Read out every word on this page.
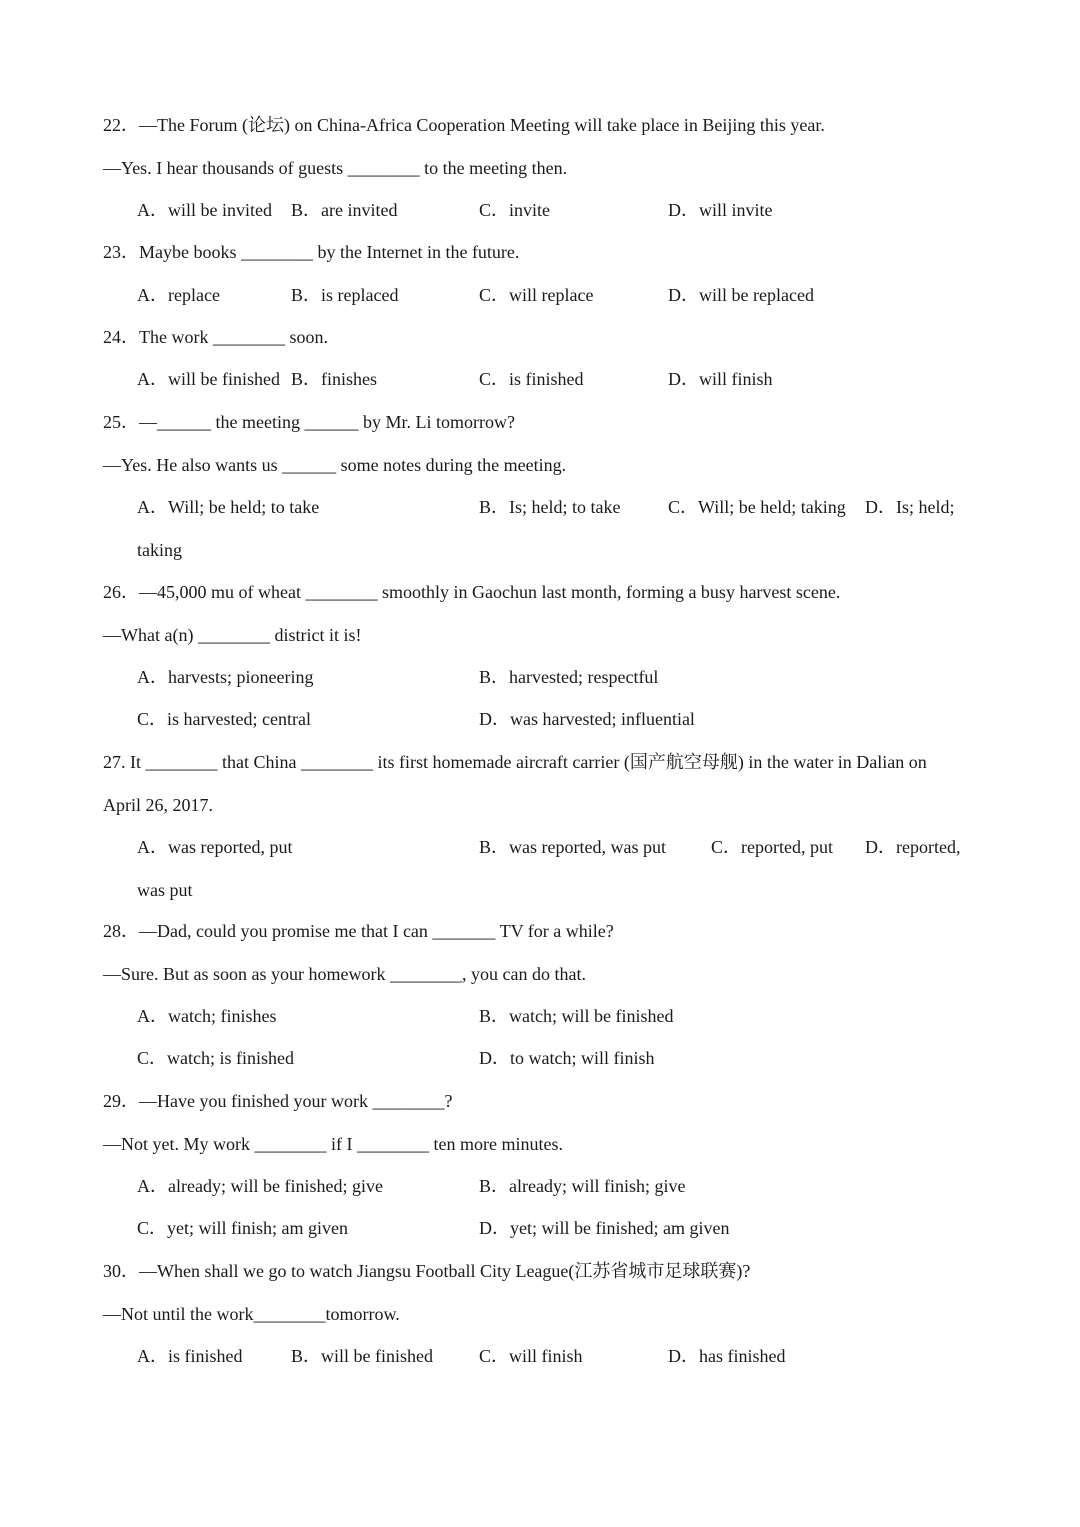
22．—The Forum (论坛) on China-Africa Cooperation Meeting will take place in Beijing this year.

—Yes. I hear thousands of guests ________ to the meeting then.

A．will be invited

B．are invited

	C．invite

	D．will invite

23．Maybe books ________ by the Internet in the future.

A．replace

	B．is replaced

	C．will replace

	D．will be replaced

24．The work ________ soon.

A．will be finished

B．finishes

	C．is finished

	D．will finish

25．—______ the meeting ______ by Mr. Li tomorrow?

—Yes. He also wants us ______ some notes during the meeting.

A．Will; be held; to take

	B．Is; held; to take

	C．Will; be held; taking

D．Is; held;

taking

26．—45,000 mu of wheat ________ smoothly in Gaochun last month, forming a busy harvest scene.

—What a(n) ________ district it is!

A．harvests; pioneering

	B．harvested; respectful

C．is harvested; central

	D．was harvested; influential

27. It ________ that China ________ its first homemade aircraft carrier (国产航空母舰) in the water in Dalian on

April 26, 2017.

A．was reported, put

	B．was reported, was put

	C．reported, put

D．reported,

was put

28．—Dad, could you promise me that I can _______ TV for a while?

—Sure. But as soon as your homework ________, you can do that.

A．watch; finishes

	B．watch; will be finished

C．watch; is finished

	D．to watch; will finish

29．—Have you finished your work ________?

—Not yet. My work ________ if I ________ ten more minutes.

A．already; will be finished; give

	B．already; will finish; give

C．yet; will finish; am given

	D．yet; will be finished; am given

30．—When shall we go to watch Jiangsu Football City League(江苏省城市足球联赛)?

—Not until the work________tomorrow.

A．is finished

	B．will be finished

	C．will finish

	D．has finished
